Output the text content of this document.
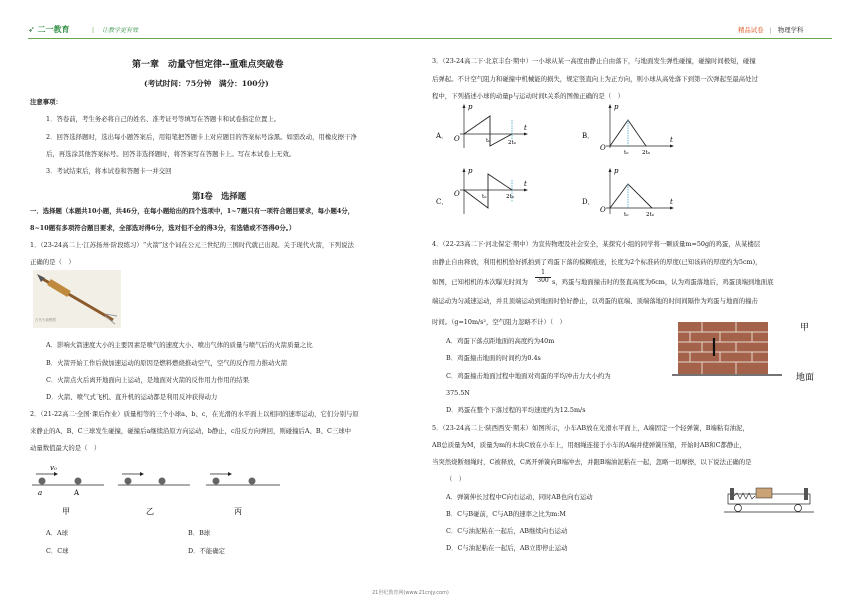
➶ 二一教育	| 让教学更有效	精品试卷 | 物理学科
第一章　动量守恒定律--重难点突破卷
(考试时间：75分钟　满分：100分)
注意事项：
1．答卷前，考生务必将自己的姓名、准考证号等填写在答题卡和试卷指定位置上。
2．回答选择题时，选出每小题答案后，用铅笔把答题卡上对应题目的答案标号涂黑。如需改动，用橡皮擦干净
后，再选涂其他答案标号。回答非选择题时，将答案写在答题卡上。写在本试卷上无效。
3．考试结束后，将本试卷和答题卡一并交回
第Ⅰ卷　选择题
一．选择题（本题共10小题，共46分，在每小题给出的四个选项中，1~7题只有一项符合题目要求，每小题4分，
8~10题有多项符合题目要求，全部选对得6分，选对但不全的得3分，有选错或不答得0分。）
1．（23-24高二上·江苏扬州·阶段练习）“火箭”这个词在公元三世纪的三国时代就已出现。关于现代火箭，下列说法
正确的是（　）
古代火箭模型
A．影响火箭速度大小的主要因素是喷气的速度大小、喷出气体的质量与喷气后的火箭质量之比
B．火箭开始工作后做加速运动的原因是燃料燃烧推动空气，空气的反作用力推动火箭
C．火箭点火后离开地面向上运动，是地面对火箭的反作用力作用的结果
D．火箭、喷气式飞机、直升机的运动都是利用反冲获得动力
2．（21-22高二·全国·课后作业）质量相等的三个小球a、b、c，在光滑的水平面上以相同的速率运动，它们分别与原
来静止的A、B、C三球发生碰撞，碰撞后a继续沿原方向运动，b静止，c沿反方向弹回，则碰撞后A、B、C三球中
动量数值最大的是（　）
v₀
a	A
甲	乙	丙
A．A球	B．B球
C．C球	D．不能确定
3．（23-24高二下·北京丰台·期中）一小球从某一高度由静止自由落下，与地面发生弹性碰撞，碰撞时间极短，碰撞
后弹起。不计空气阻力和碰撞中机械能的损失，规定竖直向上为正方向，则小球从高处落下到第一次弹起至最高处过
程中，下列描述小球的动量p与运动时间t关系的图像正确的是（　）
A．
p
t
O	t₀	2t₀
B．
p
t
O
t₀ 2t₀
C．
p
t
O	t₀	2t₀
D．
p
t
O
t₀	2t₀
4．（22-23高二下·河北保定·期中）为宣传物理及社会安全，某探究小组的同学将一颗质量m=50g的鸡蛋，从某楼层
由静止自由释放，利用相机恰好抓拍到了鸡蛋下落的模糊痕迹，长度为2个标准砖的厚度(已知该砖的厚度约为5cm)，
如图，已知相机的本次曝光时间为 $\frac{1}{300}$ s，鸡蛋与地面撞击时的竖直高度为6cm，认为鸡蛋落地后，鸡蛋顶端到地面底
端运动为匀减速运动，并且顶端运动到地面时恰好静止，以鸡蛋的底端、顶端落地的时间间隔作为鸡蛋与地面的撞击
时间。（g=10m/s²，空气阻力忽略不计）（　）
甲
地面
A．鸡蛋下落点距地面的高度约为40m
B．鸡蛋撞击地面的时间约为0.4s
C．鸡蛋撞击地面过程中地面对鸡蛋的平均冲击力大小约为
375.5N
D．鸡蛋在整个下落过程的平均速度约为12.5m/s
5．（23-24高二上·陕西西安·期末）如图所示，小车AB放在光滑水平面上，A端固定一个轻弹簧，B端粘有油泥，
AB总质量为M，质量为m的木块C放在小车上，用细绳连接于小车的A端并使弹簧压缩，开始时AB和C都静止，
当突然烧断细绳时，C被释放，C离开弹簧向B端冲去，并跟B端油泥粘在一起，忽略一切摩擦，以下说法正确的是
（　）
A．弹簧伸长过程中C向右运动，同时AB也向右运动
B．C与B碰前，C与AB的速率之比为m:M
C．C与油泥粘在一起后，AB继续向右运动
D．C与油泥粘在一起后，AB立即停止运动
21世纪教育网(www.21cnjy.com)
